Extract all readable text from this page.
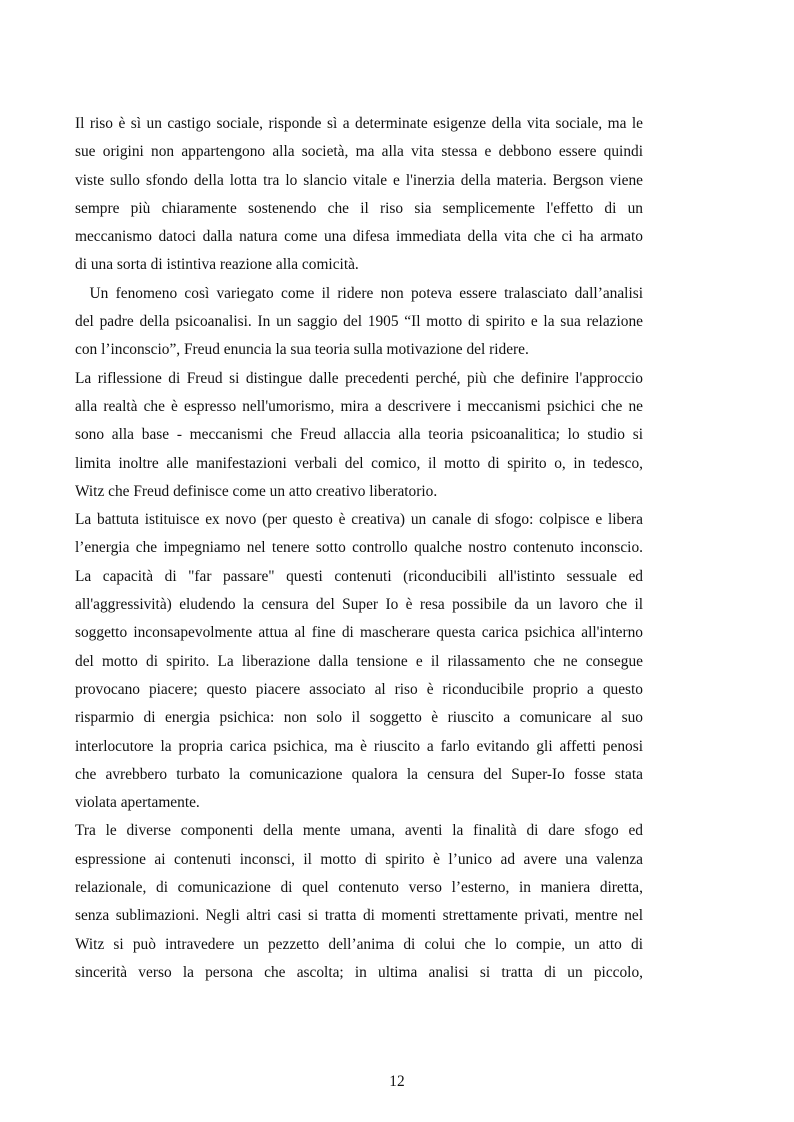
Il riso è sì un castigo sociale, risponde sì a determinate esigenze della vita sociale, ma le
sue origini non appartengono alla società, ma alla vita stessa e debbono essere quindi
viste sullo sfondo della lotta tra lo slancio vitale e l'inerzia della materia. Bergson viene
sempre più chiaramente sostenendo che il riso sia semplicemente l'effetto di un
meccanismo datoci dalla natura come una difesa immediata della vita che ci ha armato
di una sorta di istintiva reazione alla comicità.
Un fenomeno così variegato come il ridere non poteva essere tralasciato dall’analisi
del padre della psicoanalisi. In un saggio del 1905 “Il motto di spirito e la sua relazione
con l’inconscio”, Freud enuncia la sua teoria sulla motivazione del ridere.
La riflessione di Freud si distingue dalle precedenti perché, più che definire l'approccio
alla realtà che è espresso nell'umorismo, mira a descrivere i meccanismi psichici che ne
sono alla base - meccanismi che Freud allaccia alla teoria psicoanalitica; lo studio si
limita inoltre alle manifestazioni verbali del comico, il motto di spirito o, in tedesco,
Witz che Freud definisce come un atto creativo liberatorio.
La battuta istituisce ex novo (per questo è creativa) un canale di sfogo: colpisce e libera
l’energia che impegniamo nel tenere sotto controllo qualche nostro contenuto inconscio.
La capacità di "far passare" questi contenuti (riconducibili all'istinto sessuale ed
all'aggressività) eludendo la censura del Super Io è resa possibile da un lavoro che il
soggetto inconsapevolmente attua al fine di mascherare questa carica psichica all'interno
del motto di spirito. La liberazione dalla tensione e il rilassamento che ne consegue
provocano piacere; questo piacere associato al riso è riconducibile proprio a questo
risparmio di energia psichica: non solo il soggetto è riuscito a comunicare al suo
interlocutore la propria carica psichica, ma è riuscito a farlo evitando gli affetti penosi
che avrebbero turbato la comunicazione qualora la censura del Super-Io fosse stata
violata apertamente.
Tra le diverse componenti della mente umana, aventi la finalità di dare sfogo ed
espressione ai contenuti inconsci, il motto di spirito è l’unico ad avere una valenza
relazionale, di comunicazione di quel contenuto verso l’esterno, in maniera diretta,
senza sublimazioni. Negli altri casi si tratta di momenti strettamente privati, mentre nel
Witz si può intravedere un pezzetto dell’anima di colui che lo compie, un atto di
sincerità verso la persona che ascolta; in ultima analisi si tratta di un piccolo,
12
